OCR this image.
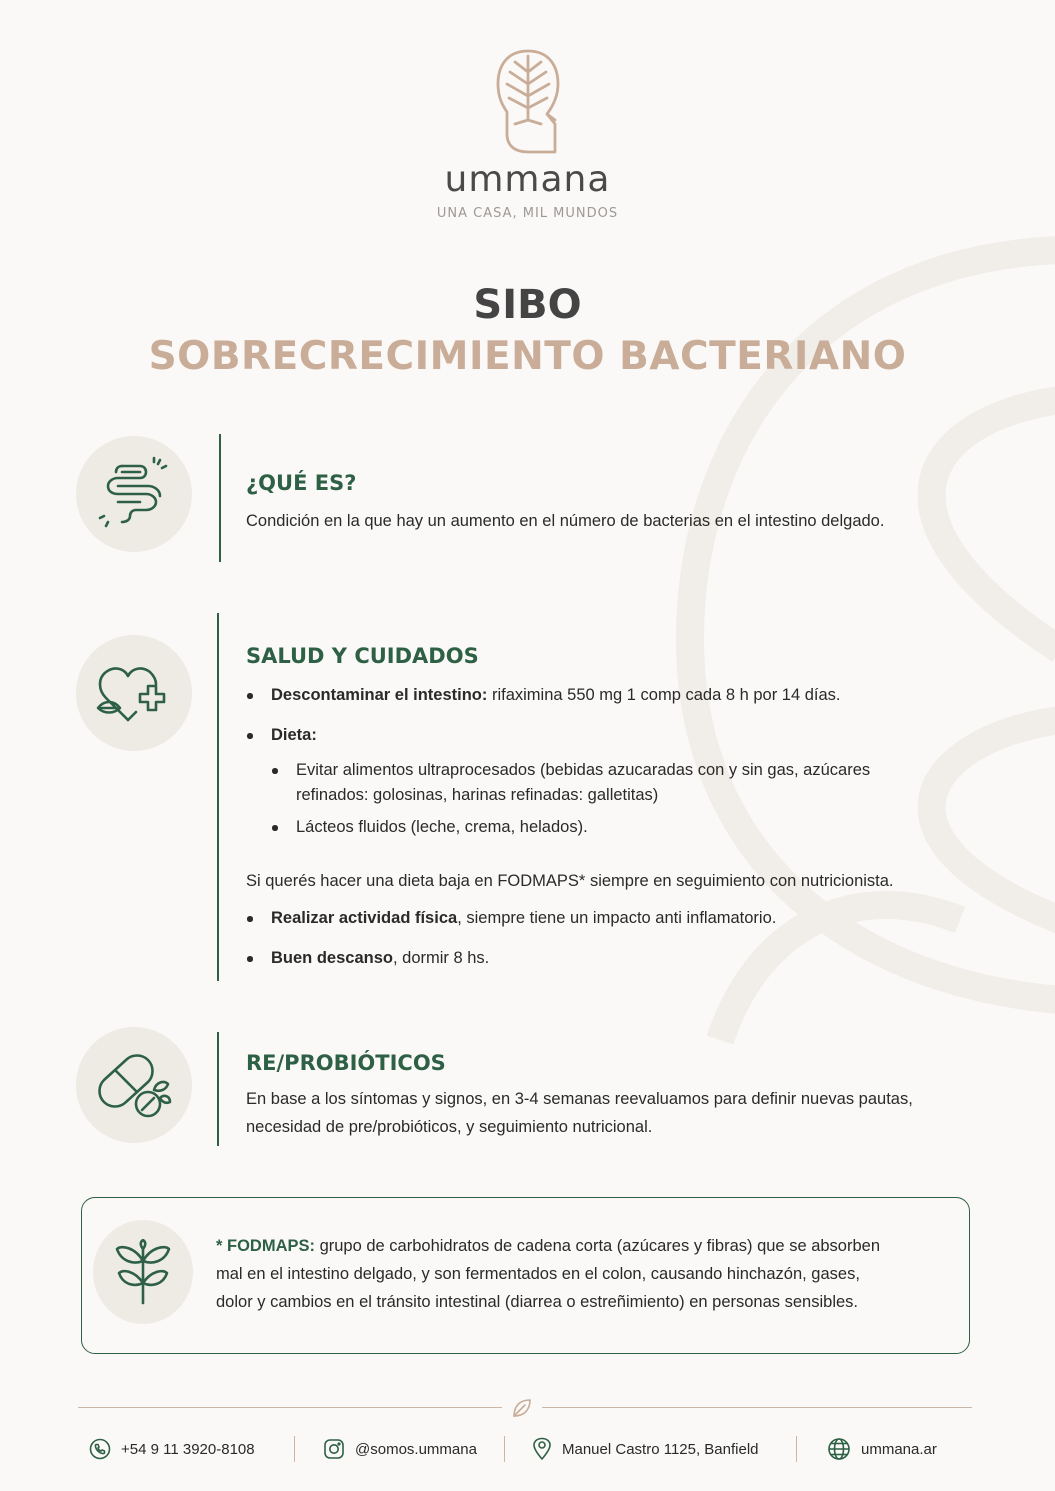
ummana
UNA CASA, MIL MUNDOS
SIBO
SOBRECRECIMIENTO BACTERIANO
¿QUÉ ES?
Condición en la que hay un aumento en el número de bacterias en el intestino delgado.
SALUD Y CUIDADOS
Descontaminar el intestino: rifaximina 550 mg 1 comp cada 8 h por 14 días.
Dieta:
Evitar alimentos ultraprocesados (bebidas azucaradas con y sin gas, azúcares
refinados: golosinas, harinas refinadas: galletitas)
Lácteos fluidos (leche, crema, helados).
Si querés hacer una dieta baja en FODMAPS* siempre en seguimiento con nutricionista.
Realizar actividad física, siempre tiene un impacto anti inflamatorio.
Buen descanso, dormir 8 hs.
RE/PROBIÓTICOS
En base a los síntomas y signos, en 3-4 semanas reevaluamos para definir nuevas pautas,
necesidad de pre/probióticos, y seguimiento nutricional.
* FODMAPS: grupo de carbohidratos de cadena corta (azúcares y fibras) que se absorben
mal en el intestino delgado, y son fermentados en el colon, causando hinchazón, gases,
dolor y cambios en el tránsito intestinal (diarrea o estreñimiento) en personas sensibles.
+54 9 11 3920-8108	@somos.ummana	Manuel Castro 1125, Banfield	ummana.ar
